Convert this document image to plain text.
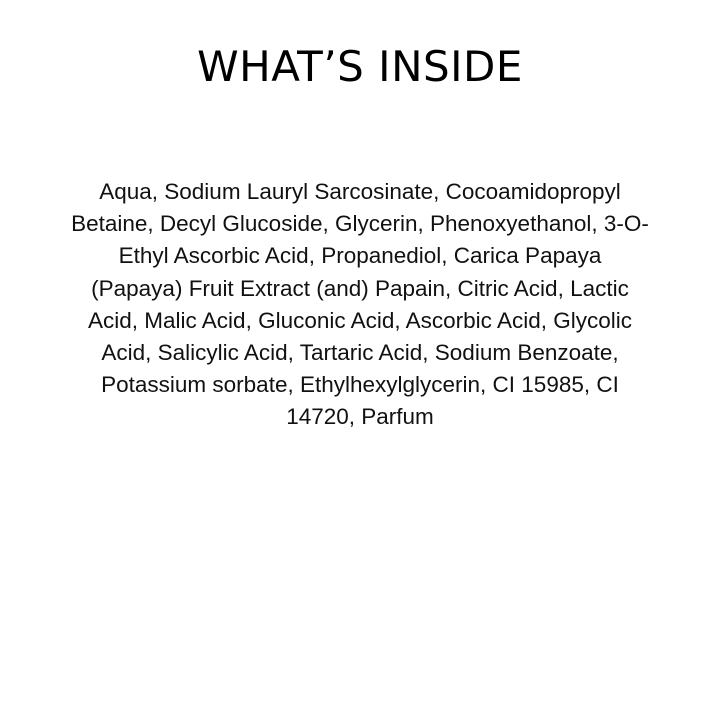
WHAT’S INSIDE

Aqua, Sodium Lauryl Sarcosinate, Cocoamidopropyl Betaine, Decyl Glucoside, Glycerin, Phenoxyethanol, 3-O-Ethyl Ascorbic Acid, Propanediol, Carica Papaya (Papaya) Fruit Extract (and) Papain, Citric Acid, Lactic Acid, Malic Acid, Gluconic Acid, Ascorbic Acid, Glycolic Acid, Salicylic Acid, Tartaric Acid, Sodium Benzoate, Potassium sorbate, Ethylhexylglycerin, CI 15985, CI 14720, Parfum
